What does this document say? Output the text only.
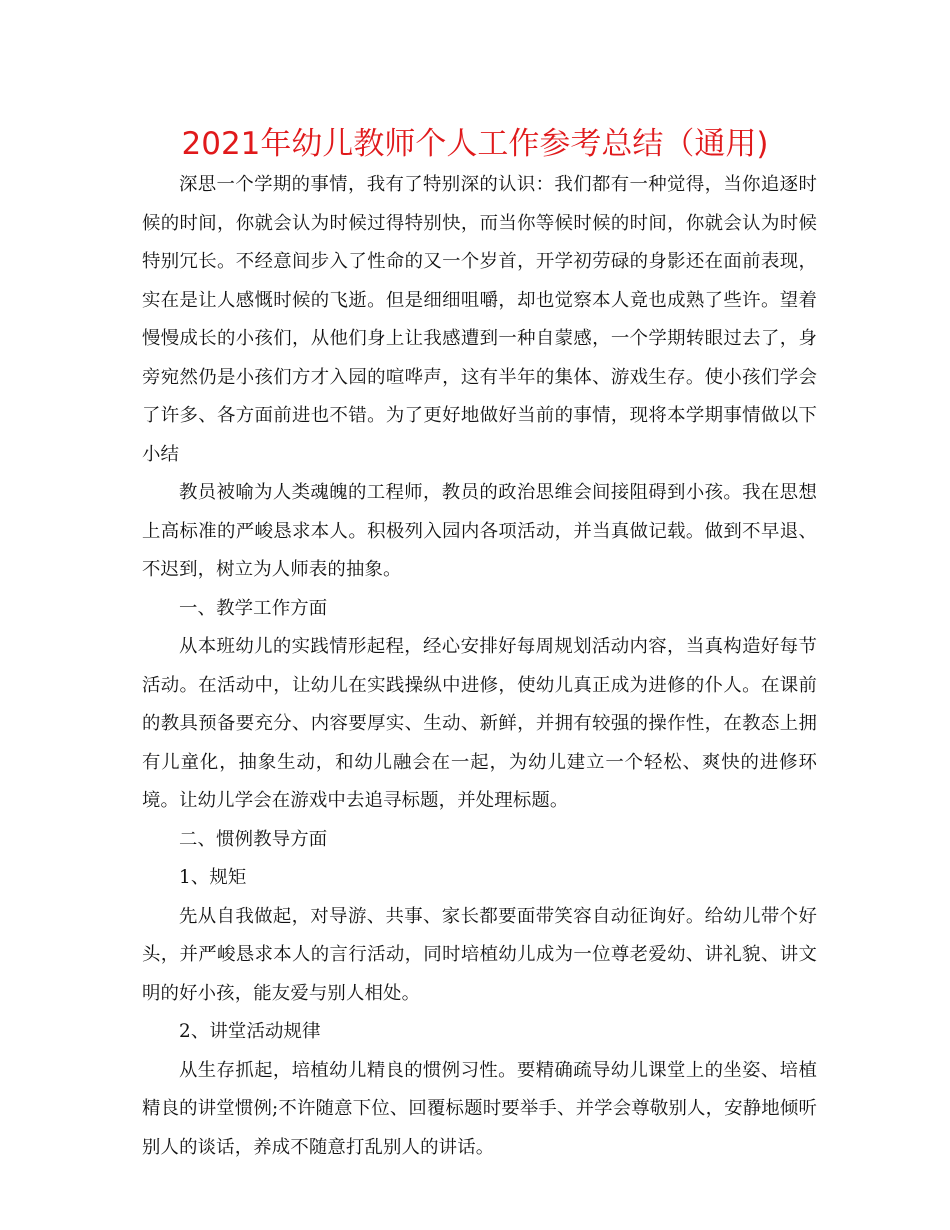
2021年幼儿教师个人工作参考总结（通用)

深思一个学期的事情，我有了特别深的认识：我们都有一种觉得，当你追逐时候的时间，你就会认为时候过得特别快，而当你等候时候的时间，你就会认为时候特别冗长。不经意间步入了性命的又一个岁首，开学初劳碌的身影还在面前表现，实在是让人感慨时候的飞逝。但是细细咀嚼，却也觉察本人竟也成熟了些许。望着慢慢成长的小孩们，从他们身上让我感遭到一种自蒙感，一个学期转眼过去了，身旁宛然仍是小孩们方才入园的喧哗声，这有半年的集体、游戏生存。使小孩们学会了许多、各方面前进也不错。为了更好地做好当前的事情，现将本学期事情做以下小结

教员被喻为人类魂魄的工程师，教员的政治思维会间接阻碍到小孩。我在思想上高标准的严峻恳求本人。积极列入园内各项活动，并当真做记载。做到不早退、不迟到，树立为人师表的抽象。

一、教学工作方面

从本班幼儿的实践情形起程，经心安排好每周规划活动内容，当真构造好每节活动。在活动中，让幼儿在实践操纵中进修，使幼儿真正成为进修的仆人。在课前的教具预备要充分、内容要厚实、生动、新鲜，并拥有较强的操作性，在教态上拥有儿童化，抽象生动，和幼儿融会在一起，为幼儿建立一个轻松、爽快的进修环境。让幼儿学会在游戏中去追寻标题，并处理标题。

二、惯例教导方面

1、规矩

先从自我做起，对导游、共事、家长都要面带笑容自动征询好。给幼儿带个好头，并严峻恳求本人的言行活动，同时培植幼儿成为一位尊老爱幼、讲礼貌、讲文明的好小孩，能友爱与别人相处。

2、讲堂活动规律

从生存抓起，培植幼儿精良的惯例习性。要精确疏导幼儿课堂上的坐姿、培植精良的讲堂惯例;不许随意下位、回覆标题时要举手、并学会尊敬别人，安静地倾听别人的谈话，养成不随意打乱别人的讲话。
